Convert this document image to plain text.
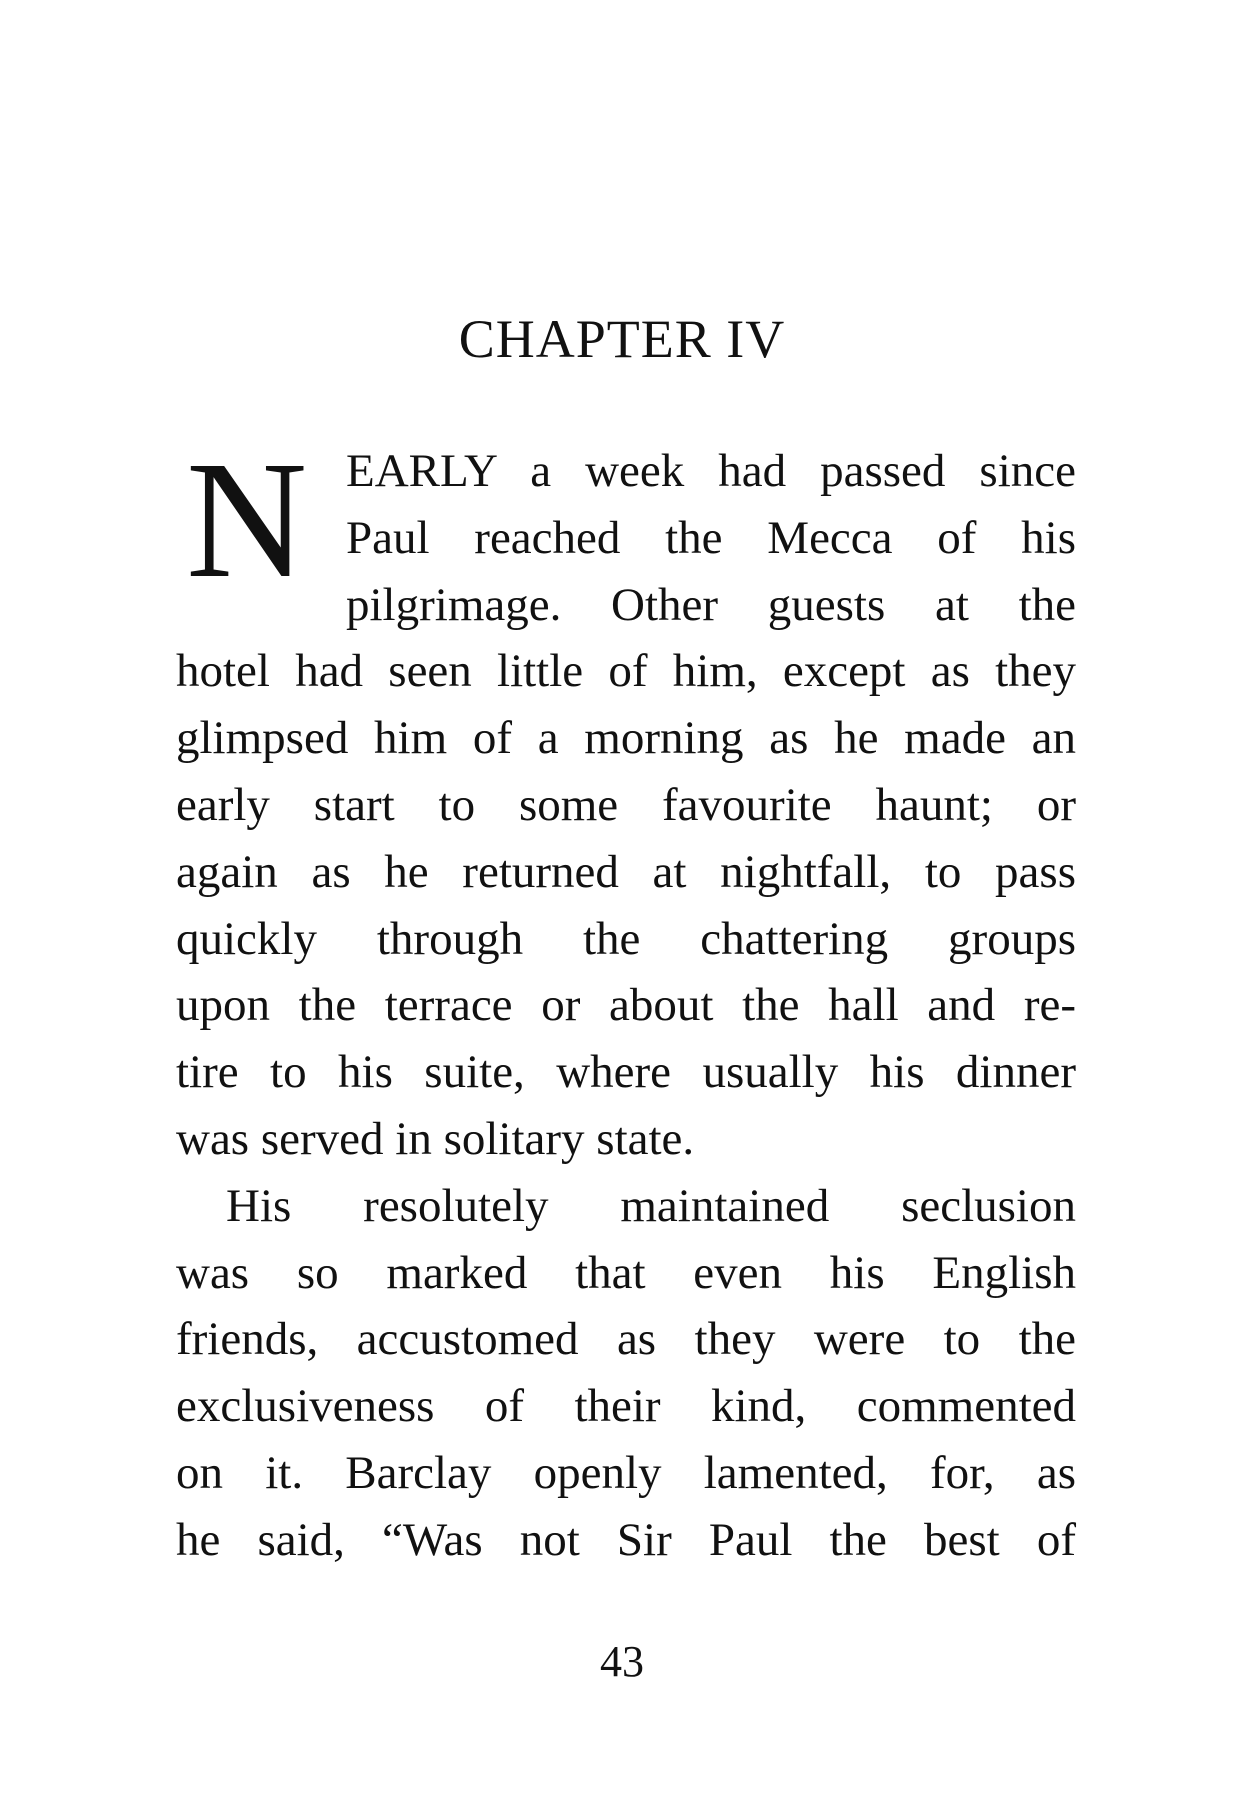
CHAPTER IV
N EARLY a week had passed since
Paul reached the Mecca of his
pilgrimage. Other guests at the
hotel had seen little of him, except as they
glimpsed him of a morning as he made an
early start to some favourite haunt; or
again as he returned at nightfall, to pass
quickly through the chattering groups
upon the terrace or about the hall and re-
tire to his suite, where usually his dinner
was served in solitary state.
His resolutely maintained seclusion
was so marked that even his English
friends, accustomed as they were to the
exclusiveness of their kind, commented
on it. Barclay openly lamented, for, as
he said, “Was not Sir Paul the best of
43
